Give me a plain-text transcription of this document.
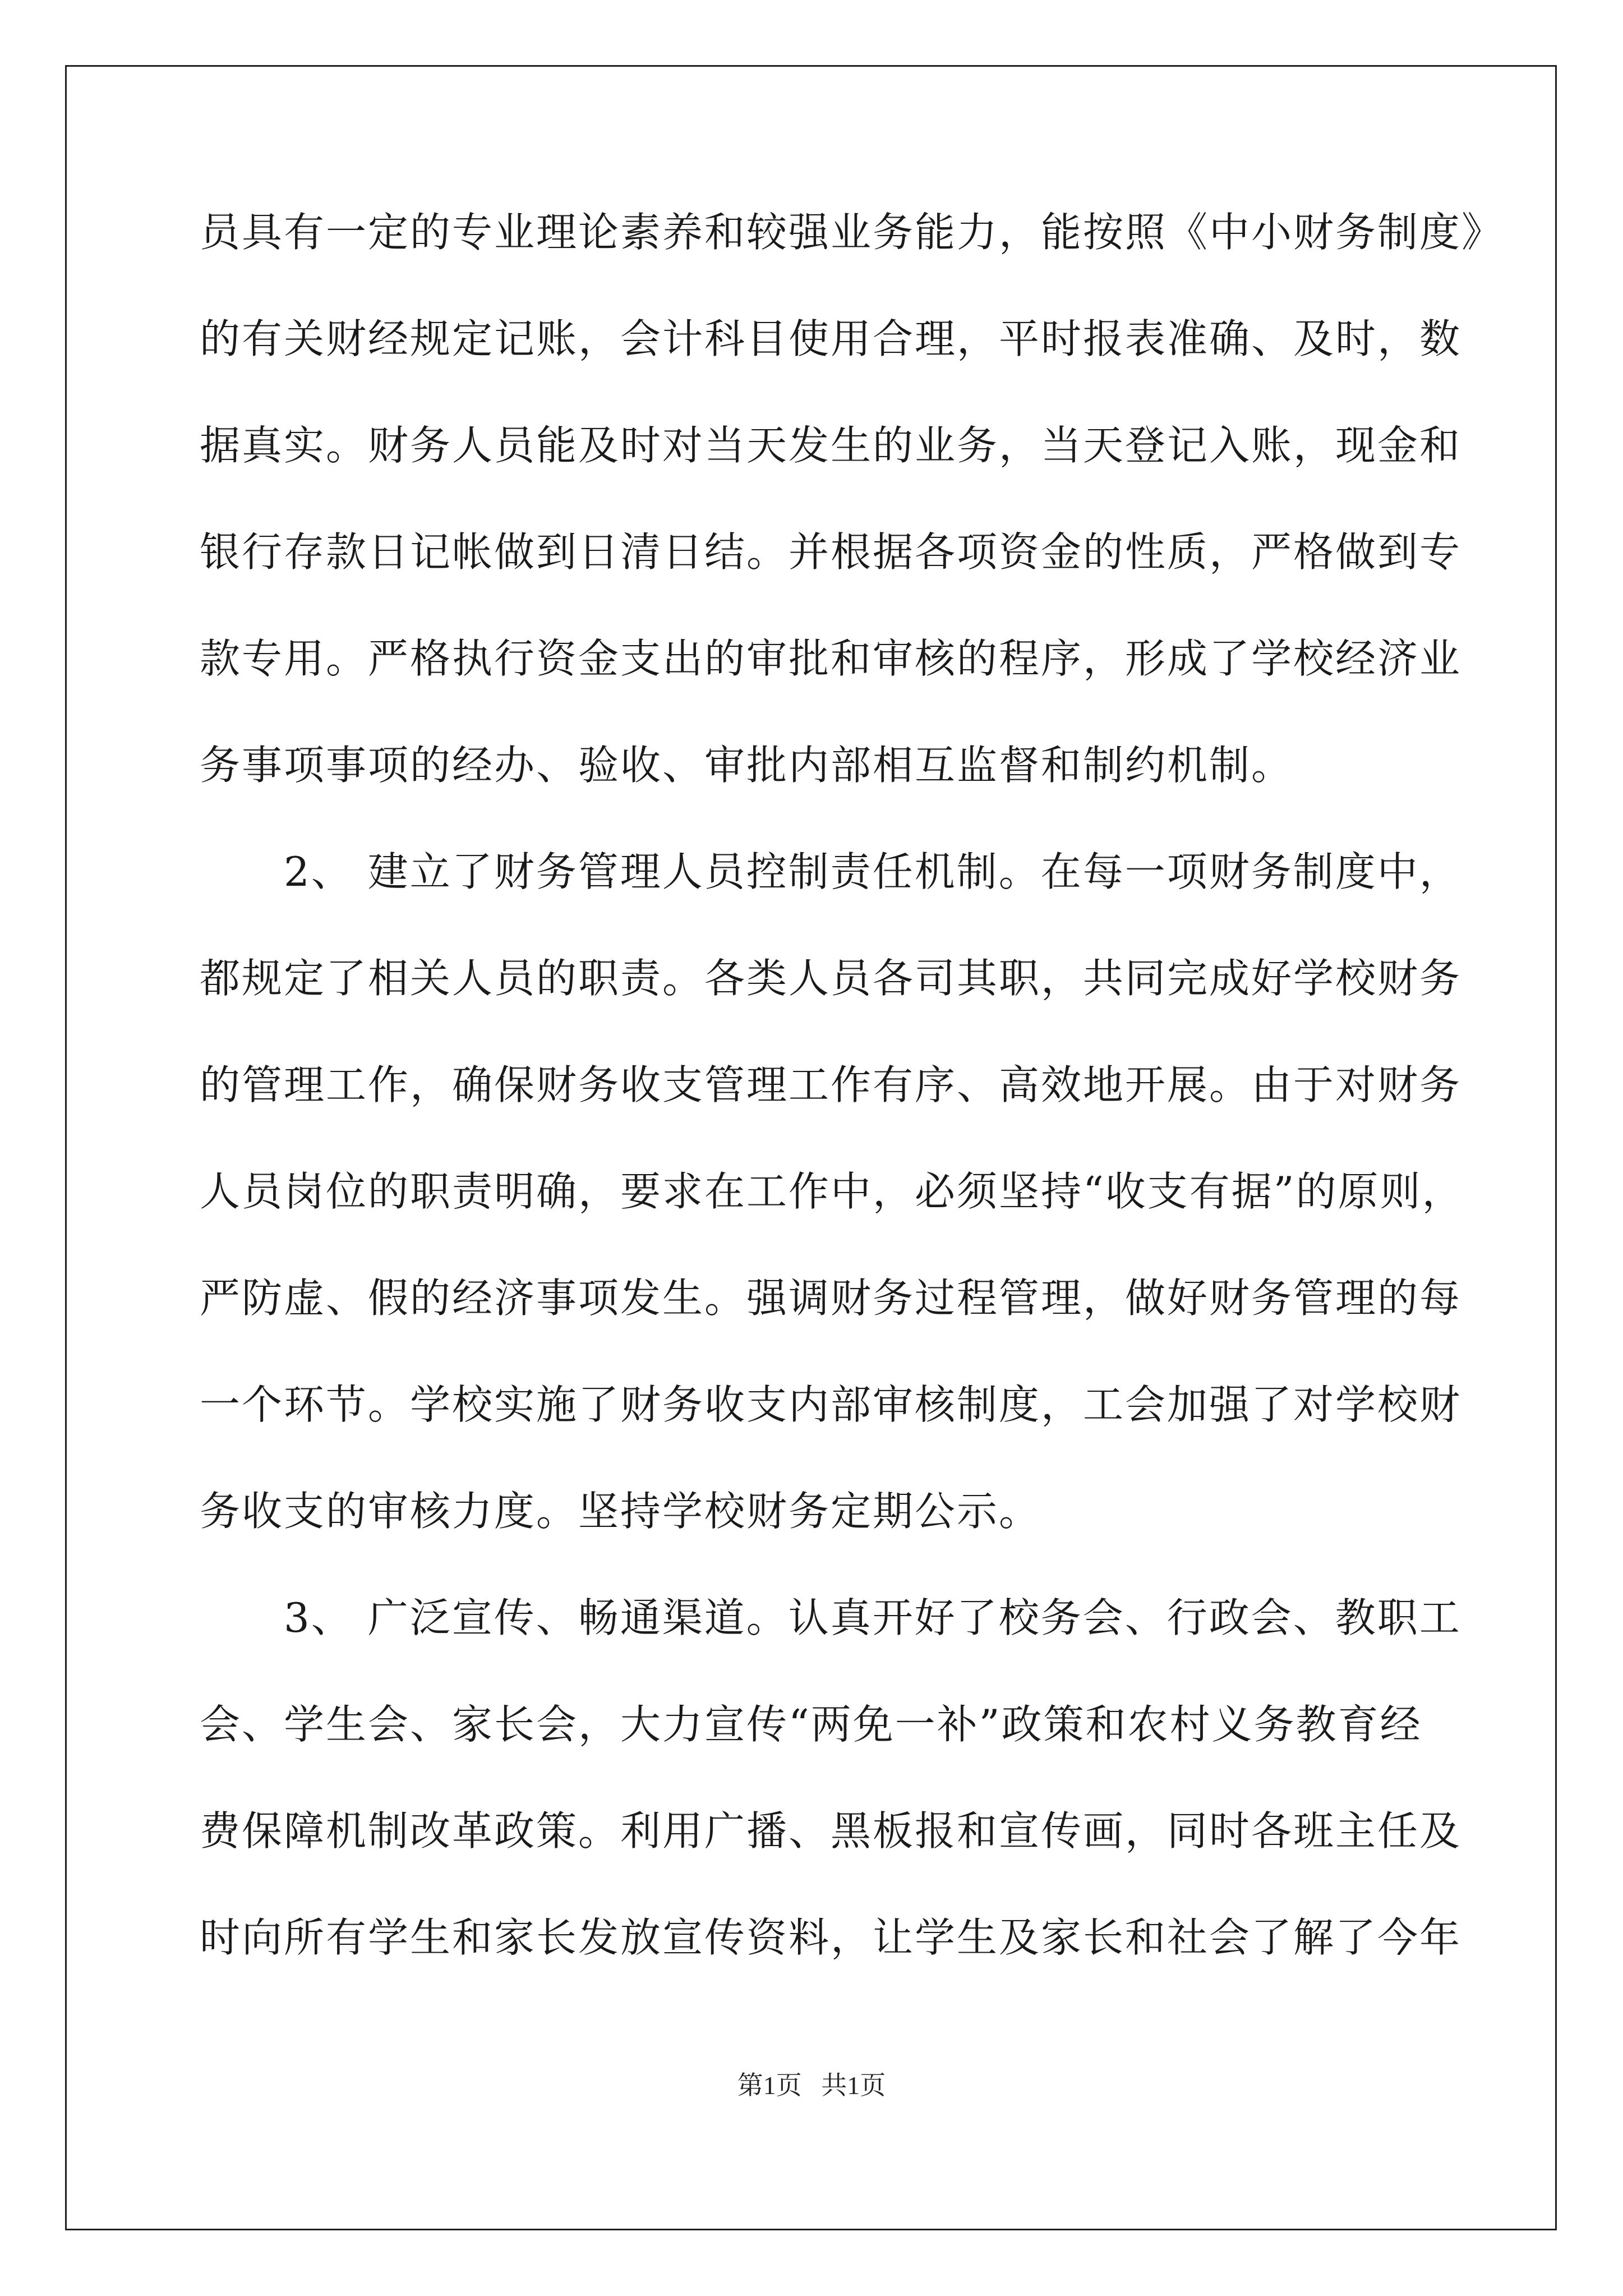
员具有一定的专业理论素养和较强业务能力，能按照《中小财务制度》
的有关财经规定记账，会计科目使用合理，平时报表准确、及时，数
据真实。财务人员能及时对当天发生的业务，当天登记入账，现金和
银行存款日记帐做到日清日结。并根据各项资金的性质，严格做到专
款专用。严格执行资金支出的审批和审核的程序，形成了学校经济业
务事项事项的经办、验收、审批内部相互监督和制约机制。
　　2、 建立了财务管理人员控制责任机制。在每一项财务制度中，
都规定了相关人员的职责。各类人员各司其职，共同完成好学校财务
的管理工作，确保财务收支管理工作有序、高效地开展。由于对财务
人员岗位的职责明确，要求在工作中，必须坚持“收支有据”的原则，
严防虚、假的经济事项发生。强调财务过程管理，做好财务管理的每
一个环节。学校实施了财务收支内部审核制度，工会加强了对学校财
务收支的审核力度。坚持学校财务定期公示。
　　3、 广泛宣传、畅通渠道。认真开好了校务会、行政会、教职工
会、学生会、家长会，大力宣传“两免一补”政策和农村义务教育经
费保障机制改革政策。利用广播、黑板报和宣传画，同时各班主任及
时向所有学生和家长发放宣传资料，让学生及家长和社会了解了今年
第1页   共1页
